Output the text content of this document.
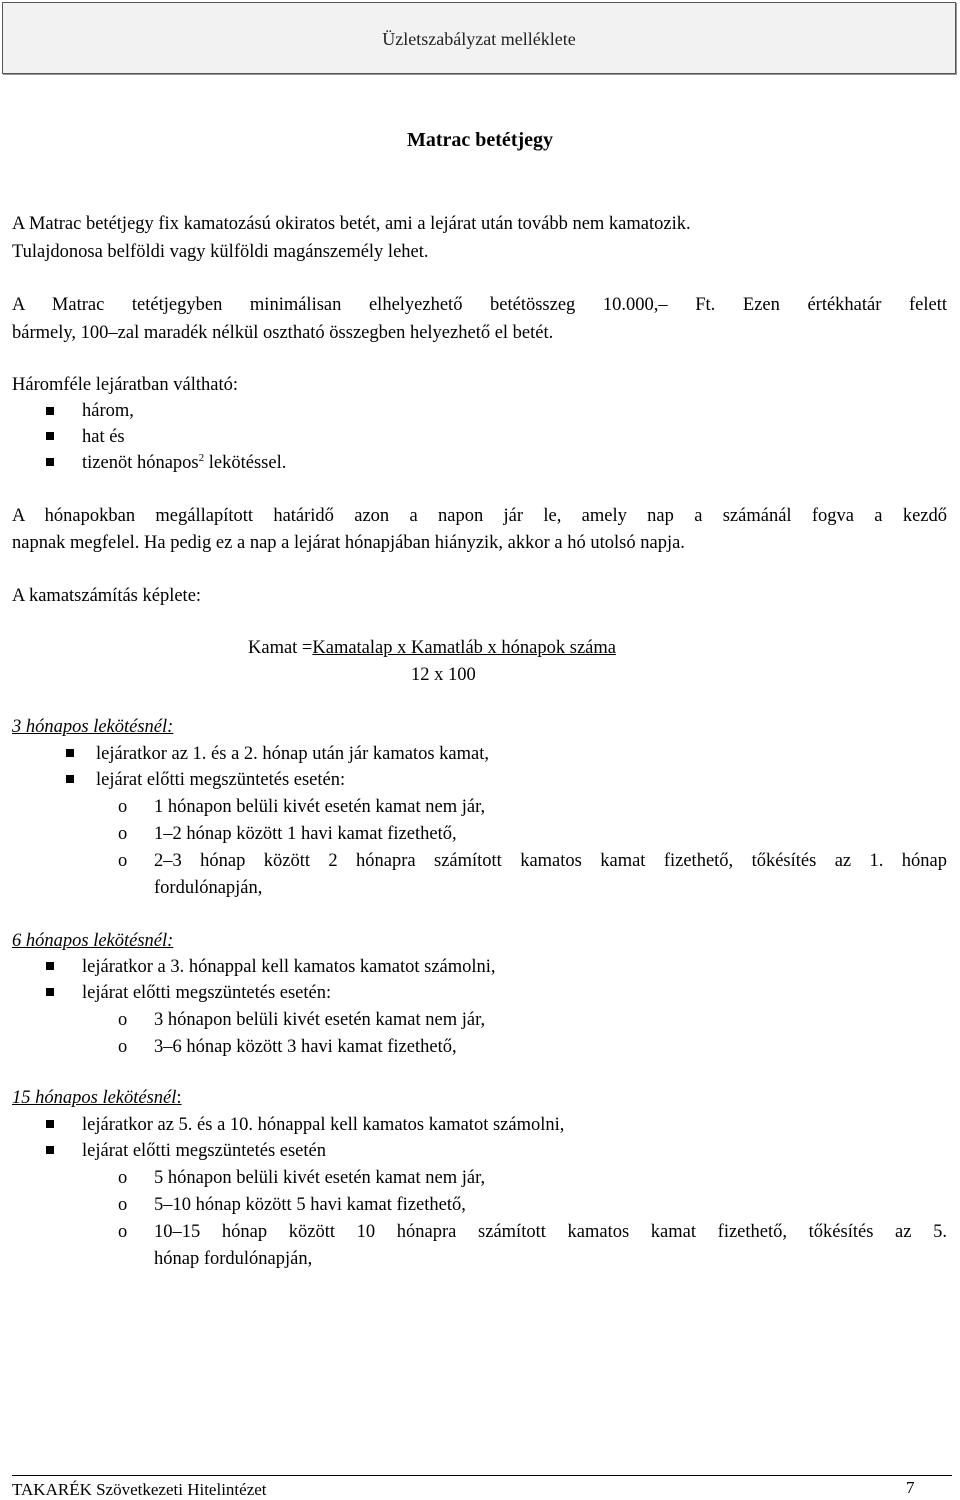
Üzletszabályzat melléklete
Matrac betétjegy
A Matrac betétjegy fix kamatozású okiratos betét, ami a lejárat után tovább nem kamatozik.
Tulajdonosa belföldi vagy külföldi magánszemély lehet.
A Matrac tetétjegyben minimálisan elhelyezhető betétösszeg 10.000,– Ft. Ezen értékhatár felett
bármely, 100–zal maradék nélkül osztható összegben helyezhető el betét.
Háromféle lejáratban váltható:
három,
hat és
tizenöt hónapos$^2$ lekötéssel.
A hónapokban megállapított határidő azon a napon jár le, amely nap a számánál fogva a kezdő
napnak megfelel. Ha pedig ez a nap a lejárat hónapjában hiányzik, akkor a hó utolsó napja.
A kamatszámítás képlete:
Kamat =Kamatalap x Kamatláb x hónapok száma
12 x 100
3 hónapos lekötésnél:
lejáratkor az 1. és a 2. hónap után jár kamatos kamat,
lejárat előtti megszüntetés esetén:
o 1 hónapon belüli kivét esetén kamat nem jár,
o 1–2 hónap között 1 havi kamat fizethető,
o 2–3 hónap között 2 hónapra számított kamatos kamat fizethető, tőkésítés az 1. hónap
fordulónapján,
6 hónapos lekötésnél:
lejáratkor a 3. hónappal kell kamatos kamatot számolni,
lejárat előtti megszüntetés esetén:
o 3 hónapon belüli kivét esetén kamat nem jár,
o 3–6 hónap között 3 havi kamat fizethető,
15 hónapos lekötésnél:
lejáratkor az 5. és a 10. hónappal kell kamatos kamatot számolni,
lejárat előtti megszüntetés esetén
o 5 hónapon belüli kivét esetén kamat nem jár,
o 5–10 hónap között 5 havi kamat fizethető,
o 10–15 hónap között 10 hónapra számított kamatos kamat fizethető, tőkésítés az 5.
hónap fordulónapján,
TAKARÉK Szövetkezeti Hitelintézet	7
